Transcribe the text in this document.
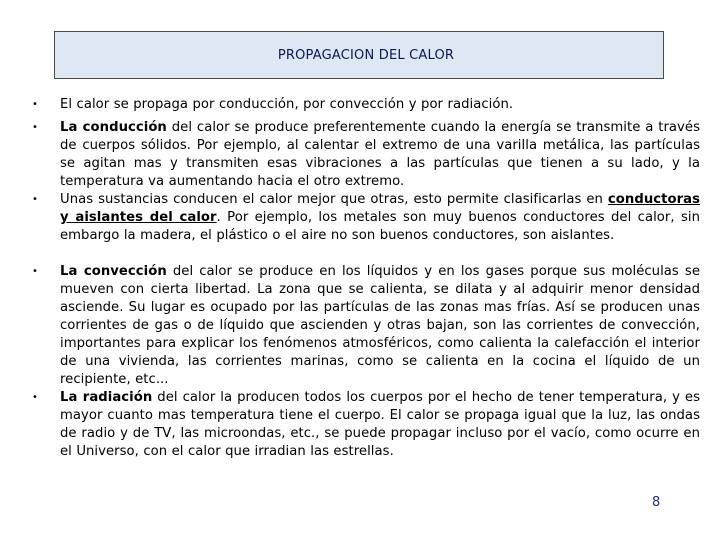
PROPAGACION DEL CALOR
• El calor se propaga por conducción, por convección y por radiación.
• La conducción del calor se produce preferentemente cuando la energía se transmite a través de cuerpos sólidos. Por ejemplo, al calentar el extremo de una varilla metálica, las partículas se agitan mas y transmiten esas vibraciones a las partículas que tienen a su lado, y la temperatura va aumentando hacia el otro extremo.
• Unas sustancias conducen el calor mejor que otras, esto permite clasificarlas en conductoras y aislantes del calor. Por ejemplo, los metales son muy buenos conductores del calor, sin embargo la madera, el plástico o el aire no son buenos conductores, son aislantes.
• La convección del calor se produce en los líquidos y en los gases porque sus moléculas se mueven con cierta libertad. La zona que se calienta, se dilata y al adquirir menor densidad asciende. Su lugar es ocupado por las partículas de las zonas mas frías. Así se producen unas corrientes de gas o de líquido que ascienden y otras bajan, son las corrientes de convección, importantes para explicar los fenómenos atmosféricos, como calienta la calefacción el interior de una vivienda, las corrientes marinas, como se calienta en la cocina el líquido de un recipiente, etc...
• La radiación del calor la producen todos los cuerpos por el hecho de tener temperatura, y es mayor cuanto mas temperatura tiene el cuerpo. El calor se propaga igual que la luz, las ondas de radio y de TV, las microondas, etc., se puede propagar incluso por el vacío, como ocurre en el Universo, con el calor que irradian las estrellas.
8
